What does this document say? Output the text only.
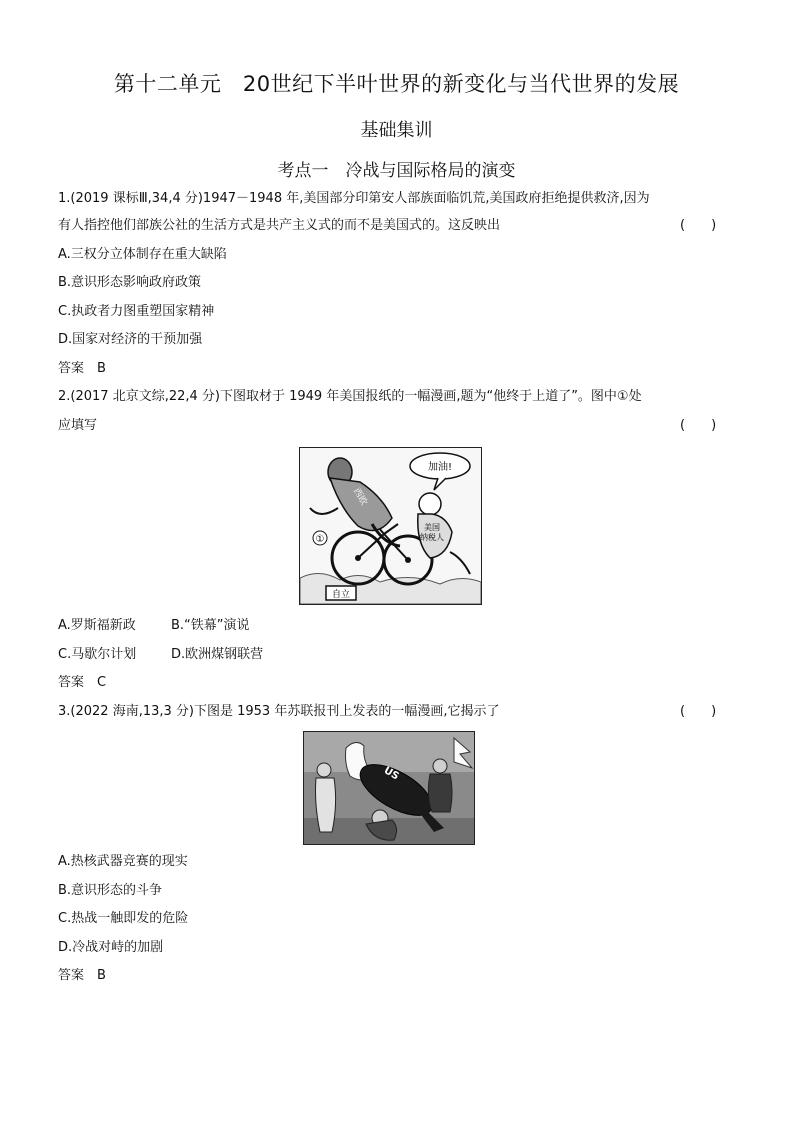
第十二单元　20世纪下半叶世界的新变化与当代世界的发展
基础集训
考点一　冷战与国际格局的演变
1.(2019 课标Ⅲ,34,4 分)1947－1948 年,美国部分印第安人部族面临饥荒,美国政府拒绝提供救济,因为
有人指控他们部族公社的生活方式是共产主义式的而不是美国式的。这反映出	(　　)
A.三权分立体制存在重大缺陷
B.意识形态影响政府政策
C.执政者力图重塑国家精神
D.国家对经济的干预加强
答案　B
2.(2017 北京文综,22,4 分)下图取材于 1949 年美国报纸的一幅漫画,题为“他终于上道了”。图中①处
应填写	(　　)
加油!
西欧
美国
纳税人
①
自立
A.罗斯福新政	B.“铁幕”演说
C.马歇尔计划	D.欧洲煤钢联营
答案　C
3.(2022 海南,13,3 分)下图是 1953 年苏联报刊上发表的一幅漫画,它揭示了	(　　)
US
A.热核武器竞赛的现实
B.意识形态的斗争
C.热战一触即发的危险
D.冷战对峙的加剧
答案　B
